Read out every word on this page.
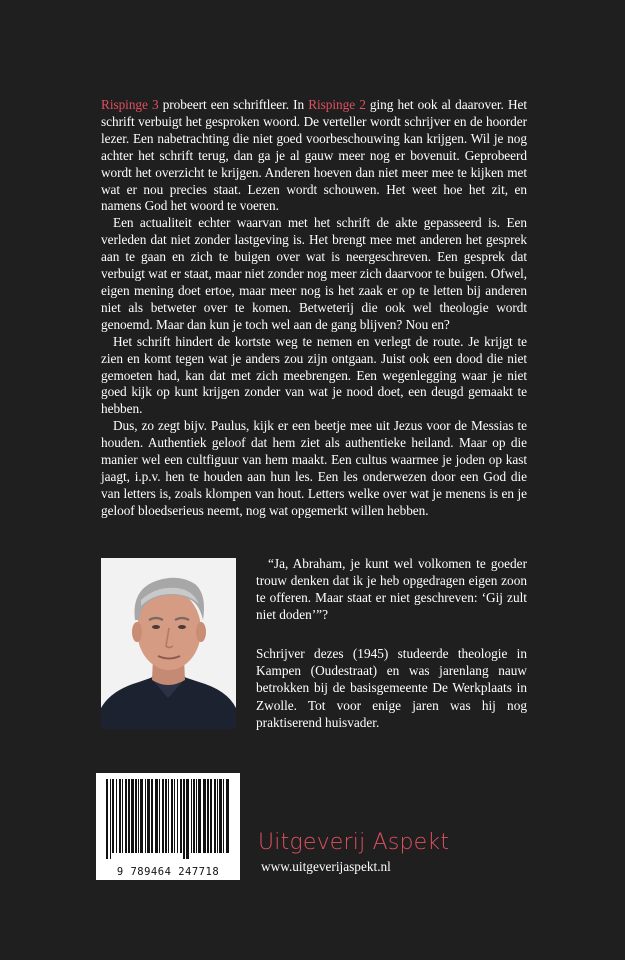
Rispinge 3 probeert een schriftleer. In Rispinge 2 ging het ook al daarover. Het schrift verbuigt het gesproken woord. De verteller wordt schrijver en de hoorder lezer. Een nabetrachting die niet goed voorbeschouwing kan krijgen. Wil je nog achter het schrift terug, dan ga je al gauw meer nog er bovenuit. Geprobeerd wordt het overzicht te krijgen. Anderen hoeven dan niet meer mee te kijken met wat er nou precies staat. Lezen wordt schouwen. Het weet hoe het zit, en namens God het woord te voeren.

Een actualiteit echter waarvan met het schrift de akte gepasseerd is. Een verleden dat niet zonder lastgeving is. Het brengt mee met anderen het gesprek aan te gaan en zich te buigen over wat is neergeschreven. Een gesprek dat verbuigt wat er staat, maar niet zonder nog meer zich daarvoor te buigen. Ofwel, eigen mening doet ertoe, maar meer nog is het zaak er op te letten bij anderen niet als betweter over te komen. Betweterij die ook wel theologie wordt genoemd. Maar dan kun je toch wel aan de gang blijven? Nou en?

Het schrift hindert de kortste weg te nemen en verlegt de route. Je krijgt te zien en komt tegen wat je anders zou zijn ontgaan. Juist ook een dood die niet gemoeten had, kan dat met zich meebrengen. Een wegenlegging waar je niet goed kijk op kunt krijgen zonder van wat je nood doet, een deugd gemaakt te hebben.

Dus, zo zegt bijv. Paulus, kijk er een beetje mee uit Jezus voor de Messias te houden. Authentiek geloof dat hem ziet als authentieke heiland. Maar op die manier wel een cultfiguur van hem maakt. Een cultus waarmee je joden op kast jaagt, i.p.v. hen te houden aan hun les. Een les onderwezen door een God die van letters is, zoals klompen van hout. Letters welke over wat je menens is en je geloof bloedserieus neemt, nog wat opgemerkt willen hebben.

“Ja, Abraham, je kunt wel volkomen te goeder trouw denken dat ik je heb opgedragen eigen zoon te offeren. Maar staat er niet geschreven: ‘Gij zult niet doden’”?

Schrijver dezes (1945) studeerde theologie in Kampen (Oudestraat) en was jarenlang nauw betrokken bij de basisgemeente De Werkplaats in Zwolle. Tot voor enige jaren was hij nog praktiserend huisvader.
9 789464 247718
Uitgeverij Aspekt
www.uitgeverijaspekt.nl
